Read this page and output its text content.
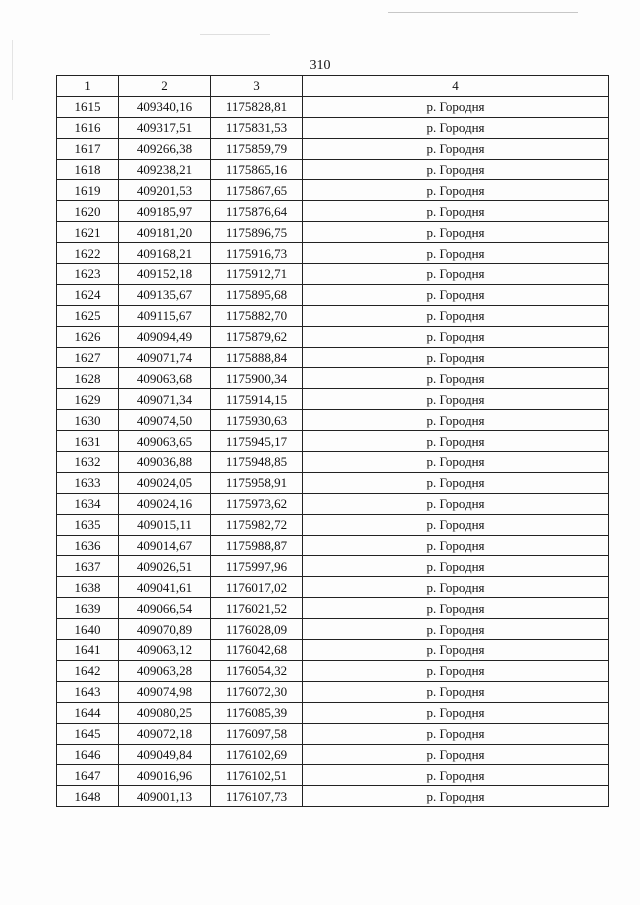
310
1	2	3	4
1615	409340,16	1175828,81	р. Городня
1616	409317,51	1175831,53	р. Городня
1617	409266,38	1175859,79	р. Городня
1618	409238,21	1175865,16	р. Городня
1619	409201,53	1175867,65	р. Городня
1620	409185,97	1175876,64	р. Городня
1621	409181,20	1175896,75	р. Городня
1622	409168,21	1175916,73	р. Городня
1623	409152,18	1175912,71	р. Городня
1624	409135,67	1175895,68	р. Городня
1625	409115,67	1175882,70	р. Городня
1626	409094,49	1175879,62	р. Городня
1627	409071,74	1175888,84	р. Городня
1628	409063,68	1175900,34	р. Городня
1629	409071,34	1175914,15	р. Городня
1630	409074,50	1175930,63	р. Городня
1631	409063,65	1175945,17	р. Городня
1632	409036,88	1175948,85	р. Городня
1633	409024,05	1175958,91	р. Городня
1634	409024,16	1175973,62	р. Городня
1635	409015,11	1175982,72	р. Городня
1636	409014,67	1175988,87	р. Городня
1637	409026,51	1175997,96	р. Городня
1638	409041,61	1176017,02	р. Городня
1639	409066,54	1176021,52	р. Городня
1640	409070,89	1176028,09	р. Городня
1641	409063,12	1176042,68	р. Городня
1642	409063,28	1176054,32	р. Городня
1643	409074,98	1176072,30	р. Городня
1644	409080,25	1176085,39	р. Городня
1645	409072,18	1176097,58	р. Городня
1646	409049,84	1176102,69	р. Городня
1647	409016,96	1176102,51	р. Городня
1648	409001,13	1176107,73	р. Городня
